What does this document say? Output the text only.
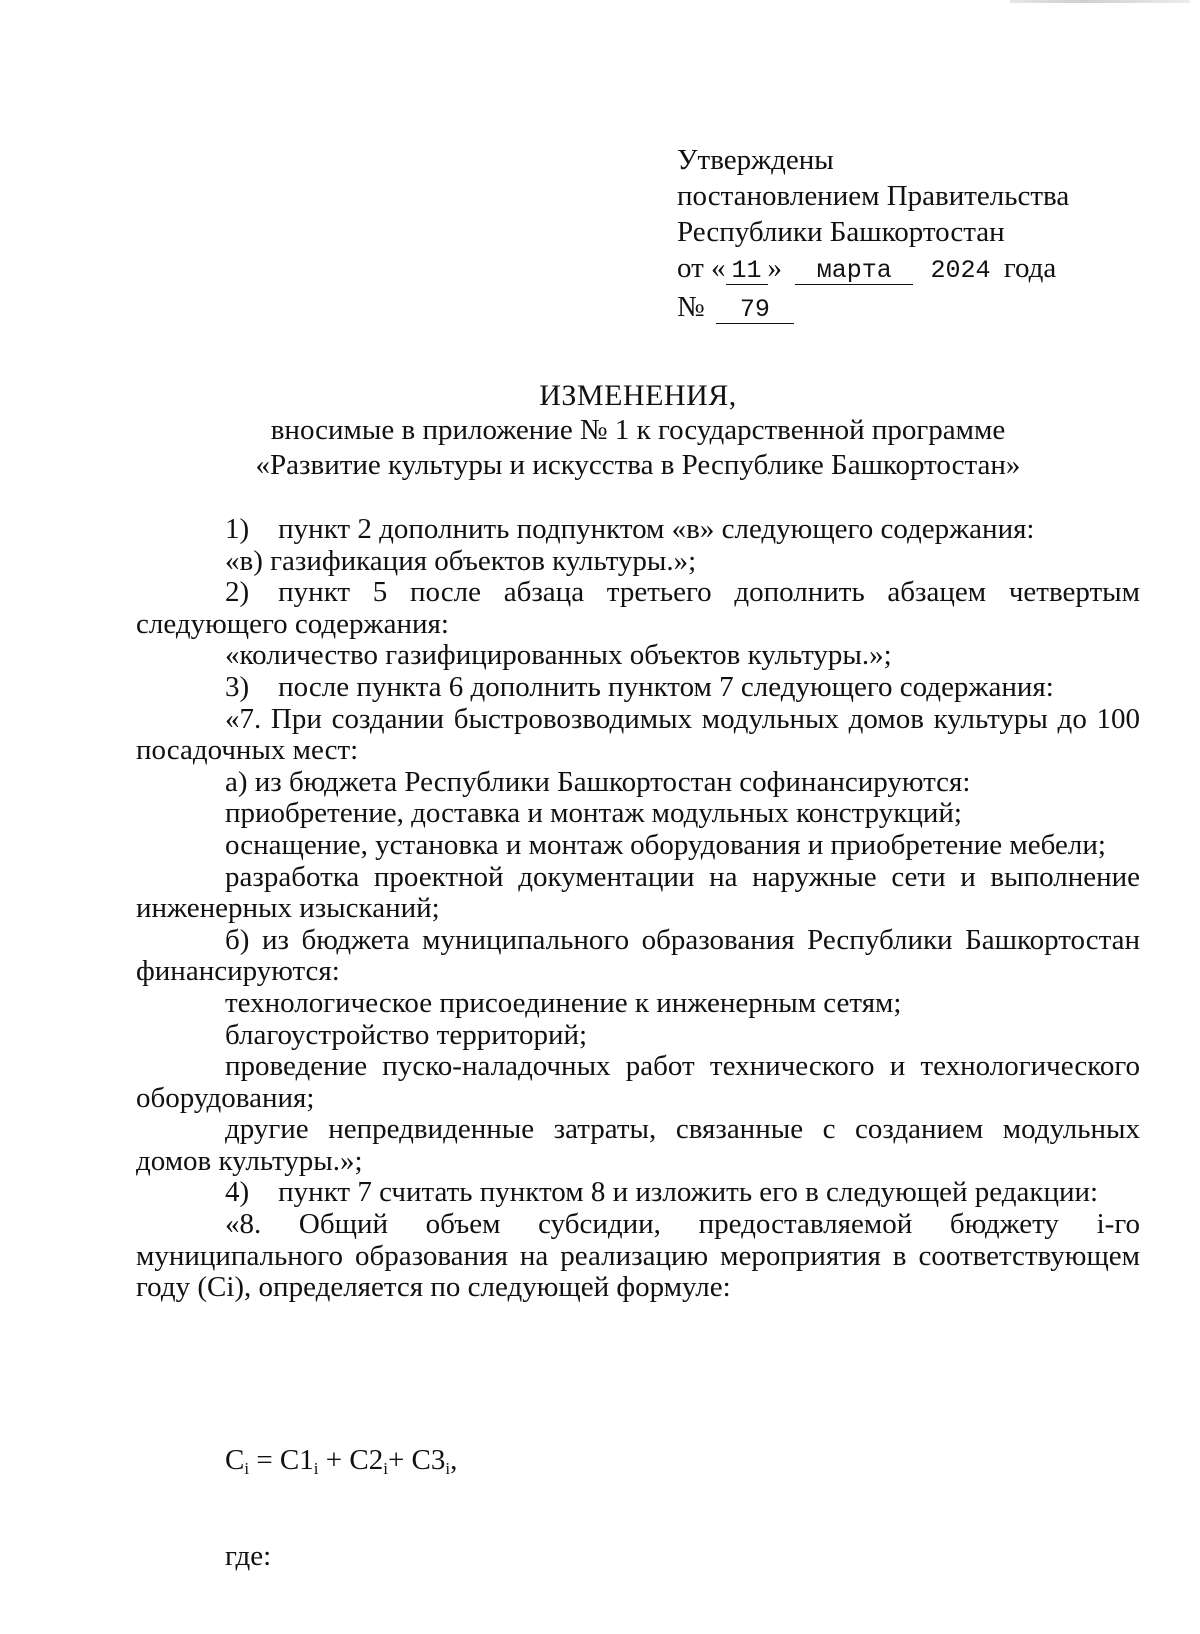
Утверждены
постановлением Правительства
Республики Башкортостан
от « 11 » марта 2024 года
№ 79
ИЗМЕНЕНИЯ,
вносимые в приложение № 1 к государственной программе
«Развитие культуры и искусства в Республике Башкортостан»

1) пункт 2 дополнить подпунктом «в» следующего содержания:

«в) газификация объектов культуры.»;

2) пункт 5 после абзаца третьего дополнить абзацем четвертым следующего содержания:

«количество газифицированных объектов культуры.»;

3) после пункта 6 дополнить пунктом 7 следующего содержания:

«7. При создании быстровозводимых модульных домов культуры до 100 посадочных мест:

а) из бюджета Республики Башкортостан софинансируются:

приобретение, доставка и монтаж модульных конструкций;

оснащение, установка и монтаж оборудования и приобретение мебели;

разработка проектной документации на наружные сети и выполнение инженерных изысканий;

б) из бюджета муниципального образования Республики Башкортостан финансируются:

технологическое присоединение к инженерным сетям;

благоустройство территорий;

проведение пуско-наладочных работ технического и технологического оборудования;

другие непредвиденные затраты, связанные с созданием модульных домов культуры.»;

4) пункт 7 считать пунктом 8 и изложить его в следующей редакции:

«8. Общий объем субсидии, предоставляемой бюджету i-го муниципального образования на реализацию мероприятия в соответствующем году (Сi), определяется по следующей формуле:

$С_i = С1_i + С2_i+ С3_i$,
где:
